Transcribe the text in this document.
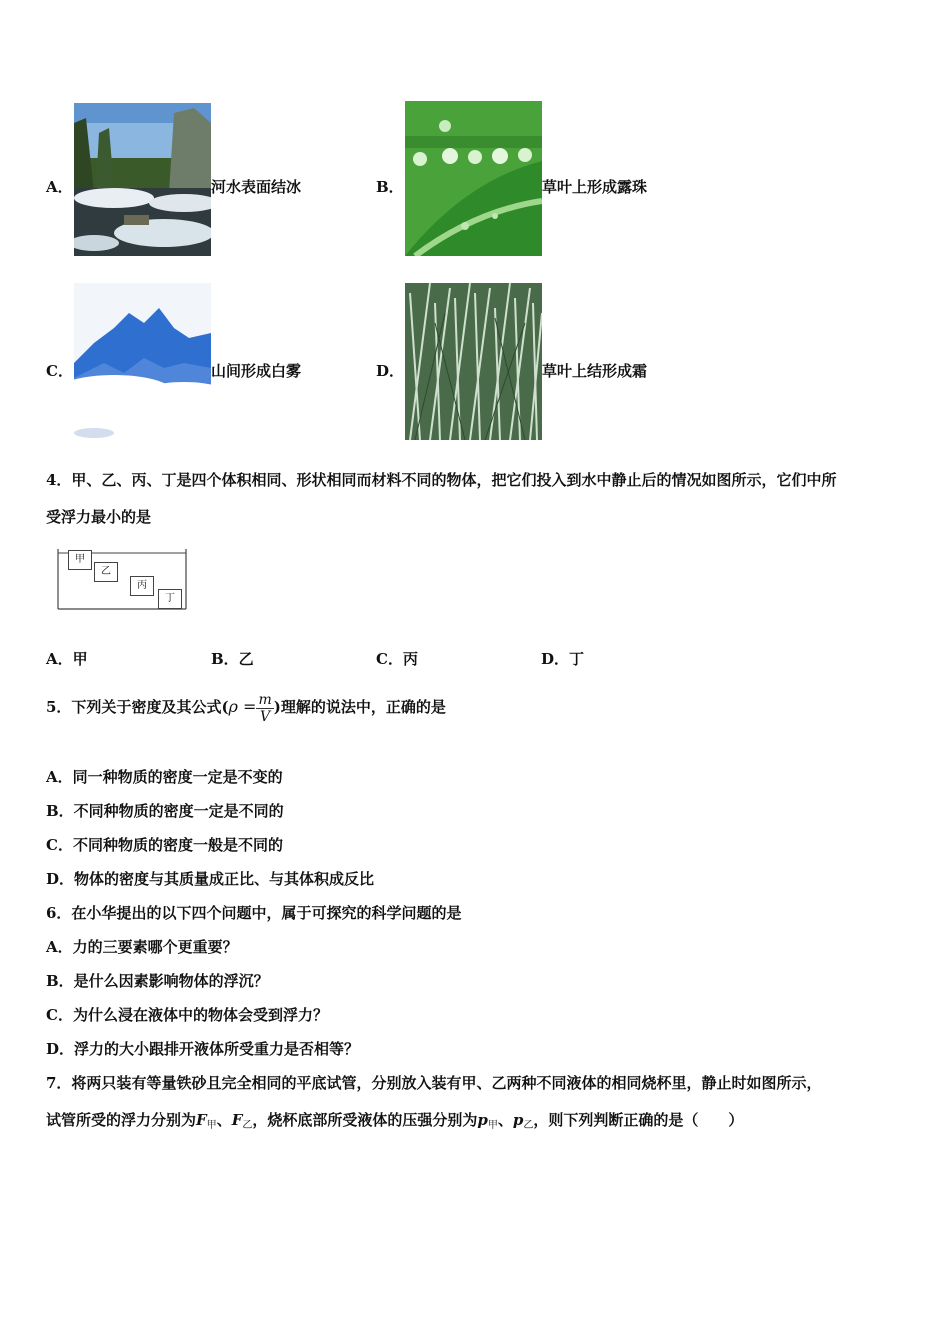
A．	河水表面结冰	B．	草叶上形成露珠
C．	山间形成白雾	D．	草叶上结形成霜
4．甲、乙、丙、丁是四个体积相同、形状相同而材料不同的物体，把它们投入到水中静止后的情况如图所示，它们中所
受浮力最小的是
甲
乙
丙
丁
A．甲	B．乙	C．丙	D．丁
5．下列关于密度及其公式($\rho = \frac{m}{V}$ )理解的说法中，正确的是
A．同一种物质的密度一定是不变的
B．不同种物质的密度一定是不同的
C．不同种物质的密度一般是不同的
D．物体的密度与其质量成正比、与其体积成反比
6．在小华提出的以下四个问题中，属于可探究的科学问题的是
A．力的三要素哪个更重要？
B．是什么因素影响物体的浮沉？
C．为什么浸在液体中的物体会受到浮力？
D．浮力的大小跟排开液体所受重力是否相等？
7．将两只装有等量铁砂且完全相同的平底试管，分别放入装有甲、乙两种不同液体的相同烧杯里，静止时如图所示，
试管所受的浮力分别为$F_甲$、$F_乙$，烧杯底部所受液体的压强分别为$p_甲$、$p_乙$，则下列判断正确的是（　　）
